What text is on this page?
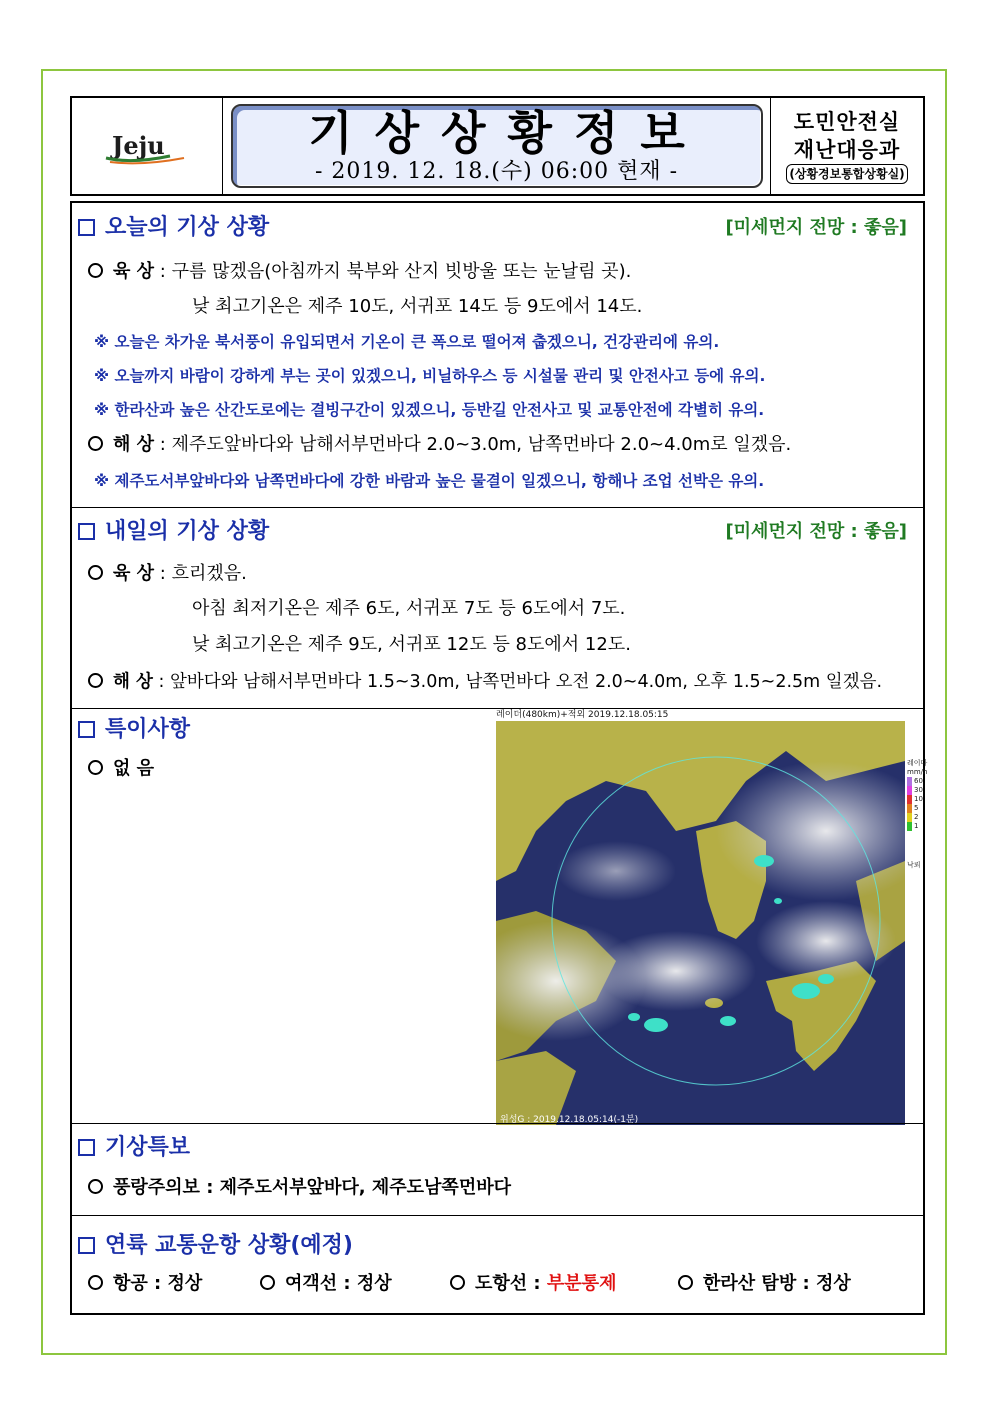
Jeju	기상상황정보
- 2019. 12. 18.(수) 06:00 현재 -
도민안전실
재난대응과
(상황경보통합상황실)
오늘의 기상 상황	[미세먼지 전망 : 좋음]
육 상 : 구름 많겠음(아침까지 북부와 산지 빗방울 또는 눈날림 곳).
낮 최고기온은 제주 10도, 서귀포 14도 등 9도에서 14도.
※ 오늘은 차가운 북서풍이 유입되면서 기온이 큰 폭으로 떨어져 춥겠으니, 건강관리에 유의.
※ 오늘까지 바람이 강하게 부는 곳이 있겠으니, 비닐하우스 등 시설물 관리 및 안전사고 등에 유의.
※ 한라산과 높은 산간도로에는 결빙구간이 있겠으니, 등반길 안전사고 및 교통안전에 각별히 유의.
해 상 : 제주도앞바다와 남해서부먼바다 2.0~3.0m, 남쪽먼바다 2.0~4.0m로 일겠음.
※ 제주도서부앞바다와 남쪽먼바다에 강한 바람과 높은 물결이 일겠으니, 항해나 조업 선박은 유의.
내일의 기상 상황	[미세먼지 전망 : 좋음]
육 상 : 흐리겠음.
아침 최저기온은 제주 6도, 서귀포 7도 등 6도에서 7도.
낮 최고기온은 제주 9도, 서귀포 12도 등 8도에서 12도.
해 상 : 앞바다와 남해서부먼바다 1.5~3.0m, 남쪽먼바다 오전 2.0~4.0m, 오후 1.5~2.5m 일겠음.
특이사항
없 음
레이더(480km)+적외 2019.12.18.05:15
위성G : 2019.12.18.05:14(-1분)
레이다
mm/h
60
30
10
5
2
1
낙뢰
기상특보
풍랑주의보 : 제주도서부앞바다, 제주도남쪽먼바다
연륙 교통운항 상황(예정)
항공 : 정상	여객선 : 정상	도항선 : 부분통제	한라산 탐방 : 정상
